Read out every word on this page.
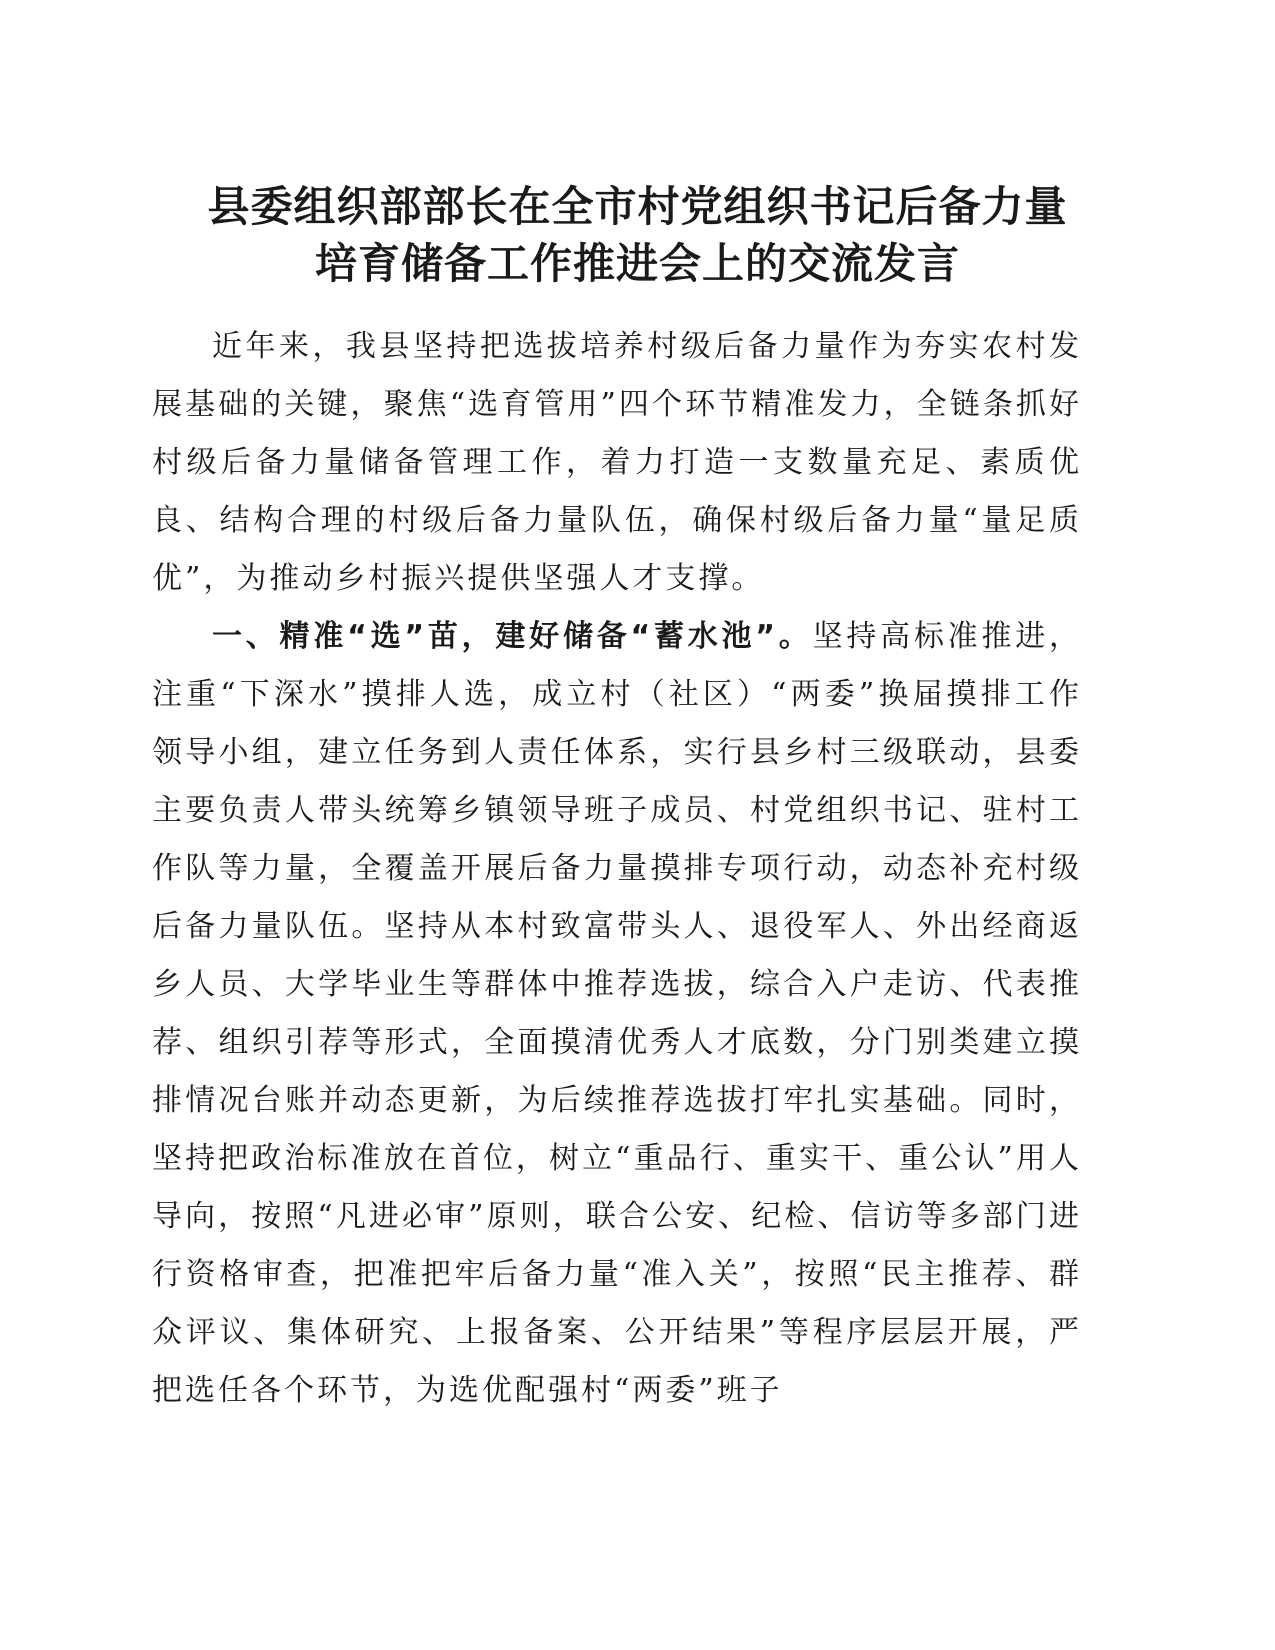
县委组织部部长在全市村党组织书记后备力量
培育储备工作推进会上的交流发言

近年来，我县坚持把选拔培养村级后备力量作为夯实农村发展基础的关键，聚焦“选育管用”四个环节精准发力，全链条抓好村级后备力量储备管理工作，着力打造一支数量充足、素质优良、结构合理的村级后备力量队伍，确保村级后备力量“量足质优”，为推动乡村振兴提供坚强人才支撑。

一、精准“选”苗，建好储备“蓄水池”。坚持高标准推进，注重“下深水”摸排人选，成立村（社区）“两委”换届摸排工作领导小组，建立任务到人责任体系，实行县乡村三级联动，县委主要负责人带头统筹乡镇领导班子成员、村党组织书记、驻村工作队等力量，全覆盖开展后备力量摸排专项行动，动态补充村级后备力量队伍。坚持从本村致富带头人、退役军人、外出经商返乡人员、大学毕业生等群体中推荐选拔，综合入户走访、代表推荐、组织引荐等形式，全面摸清优秀人才底数，分门别类建立摸排情况台账并动态更新，为后续推荐选拔打牢扎实基础。同时，坚持把政治标准放在首位，树立“重品行、重实干、重公认”用人导向，按照“凡进必审”原则，联合公安、纪检、信访等多部门进行资格审查，把准把牢后备力量“准入关”，按照“民主推荐、群众评议、集体研究、上报备案、公开结果”等程序层层开展，严把选任各个环节，为选优配强村“两委”班子
